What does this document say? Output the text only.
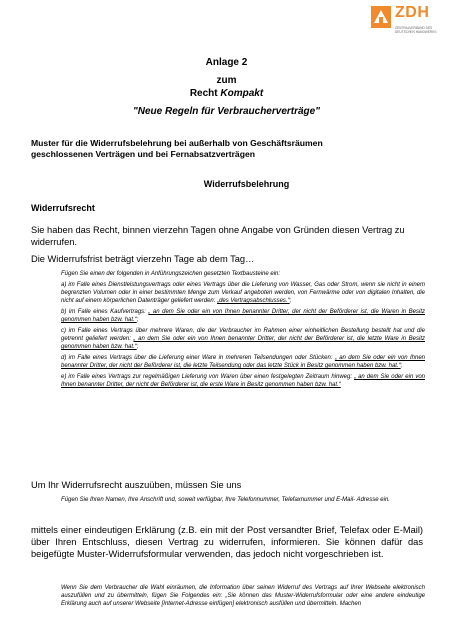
ZDH
ZENTRALVERBAND DES DEUTSCHEN HANDWERKS
Anlage 2
zum
Recht Kompakt
"Neue Regeln für Verbraucherverträge"
Muster für die Widerrufsbelehrung bei außerhalb von Geschäftsräumen
geschlossenen Verträgen und bei Fernabsatzverträgen
Widerrufsbelehrung
Widerrufsrecht
Sie haben das Recht, binnen vierzehn Tagen ohne Angabe von Gründen diesen Vertrag zu widerrufen.
Die Widerrufsfrist beträgt vierzehn Tage ab dem Tag…

Fügen Sie einen der folgenden in Anführungszeichen gesetzten Textbausteine ein:

a) im Falle eines Dienstleistungsvertrags oder eines Vertrags über die Lieferung von Wasser, Gas oder Strom, wenn sie nicht in einem begrenzten Volumen oder in einer bestimmten Menge zum Verkauf angeboten werden, von Fernwärme oder von digitalen Inhalten, die nicht auf einem körperlichen Datenträger geliefert werden: „des Vertragsabschlusses.“;

b) im Falle eines Kaufvertrags: „ an dem Sie oder ein von Ihnen benannter Dritter, der nicht der Beförderer ist, die Waren in Besitz genommen haben bzw. hat.“;

c) im Falle eines Vertrags über mehrere Waren, die der Verbraucher im Rahmen einer einheitlichen Bestellung bestellt hat und die getrennt geliefert werden: „ an dem Sie oder ein von Ihnen benannter Dritter, der nicht der Beförderer ist, die letzte Ware in Besitz genommen haben bzw. hat.“;

d) im Falle eines Vertrags über die Lieferung einer Ware in mehreren Teilsendungen oder Stücken: „ an dem Sie oder ein von Ihnen benannter Dritter, der nicht der Beförderer ist, die letzte Teilsendung oder das letzte Stück in Besitz genommen haben bzw. hat.“;

e) im Falle eines Vertrags zur regelmäßigen Lieferung von Waren über einen festgelegten Zeitraum hinweg: „ an dem Sie oder ein von Ihnen benannter Dritter, der nicht der Beförderer ist, die erste Ware in Besitz genommen haben bzw. hat.“

Um Ihr Widerrufsrecht auszuüben, müssen Sie uns
Fügen Sie Ihren Namen, Ihre Anschrift und, soweit verfügbar, Ihre Telefonnummer, Telefaxnummer und E-Mail- Adresse ein.
mittels einer eindeutigen Erklärung (z.B. ein mit der Post versandter Brief, Telefax oder E-Mail) über Ihren Entschluss, diesen Vertrag zu widerrufen, informieren. Sie können dafür das beigefügte Muster-Widerrufsformular verwenden, das jedoch nicht vorgeschrieben ist.
Wenn Sie dem Verbraucher die Wahl einräumen, die Information über seinen Widerruf des Vertrags auf Ihrer Webseite elektronisch auszufüllen und zu übermitteln, fügen Sie Folgendes ein: „Sie können das Muster-Widerrufsformular oder eine andere eindeutige Erklärung auch auf unserer Webseite [Internet-Adresse einfügen] elektronisch ausfüllen und übermitteln. Machen
